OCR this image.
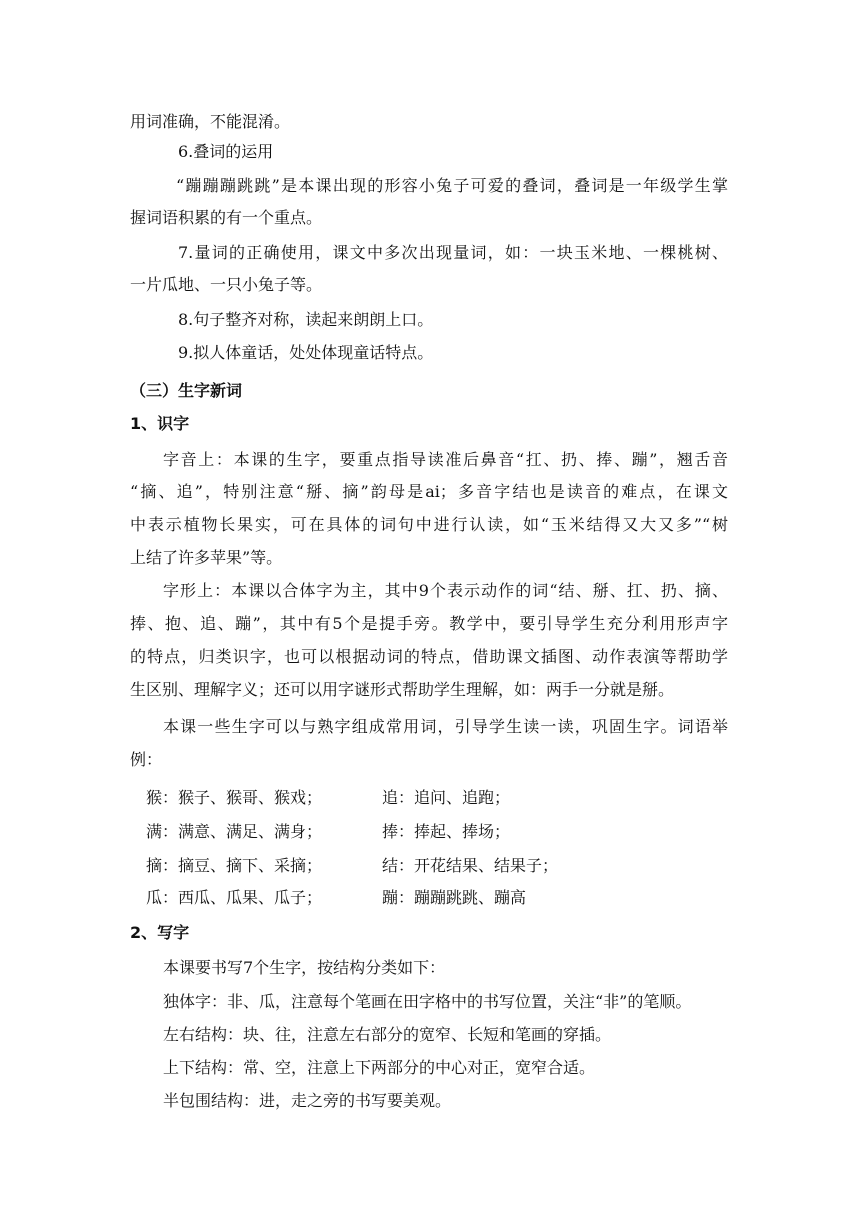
用词准确，不能混淆。
6.叠词的运用
“蹦蹦蹦跳跳”是本课出现的形容小兔子可爱的叠词，叠词是一年级学生掌
握词语积累的有一个重点。
7.量词的正确使用，课文中多次出现量词，如：一块玉米地、一棵桃树、
一片瓜地、一只小兔子等。
8.句子整齐对称，读起来朗朗上口。
9.拟人体童话，处处体现童话特点。
（三）生字新词
1、识字
字音上：本课的生字，要重点指导读准后鼻音“扛、扔、捧、蹦”，翘舌音
“摘、追”，特别注意“掰、摘”韵母是ai；多音字结也是读音的难点，在课文
中表示植物长果实，可在具体的词句中进行认读，如“玉米结得又大又多”“树
上结了许多苹果”等。
字形上：本课以合体字为主，其中9个表示动作的词“结、掰、扛、扔、摘、
捧、抱、追、蹦”，其中有5个是提手旁。教学中，要引导学生充分利用形声字
的特点，归类识字，也可以根据动词的特点，借助课文插图、动作表演等帮助学
生区别、理解字义；还可以用字谜形式帮助学生理解，如：两手一分就是掰。
本课一些生字可以与熟字组成常用词，引导学生读一读，巩固生字。词语举
例：
猴：猴子、猴哥、猴戏；	追：追问、追跑；
满：满意、满足、满身；	捧：捧起、捧场；
摘：摘豆、摘下、采摘；	结：开花结果、结果子；
瓜：西瓜、瓜果、瓜子；	蹦：蹦蹦跳跳、蹦高
2、写字
本课要书写7个生字，按结构分类如下：
独体字：非、瓜，注意每个笔画在田字格中的书写位置，关注“非”的笔顺。
左右结构：块、往，注意左右部分的宽窄、长短和笔画的穿插。
上下结构：常、空，注意上下两部分的中心对正，宽窄合适。
半包围结构：进，走之旁的书写要美观。
